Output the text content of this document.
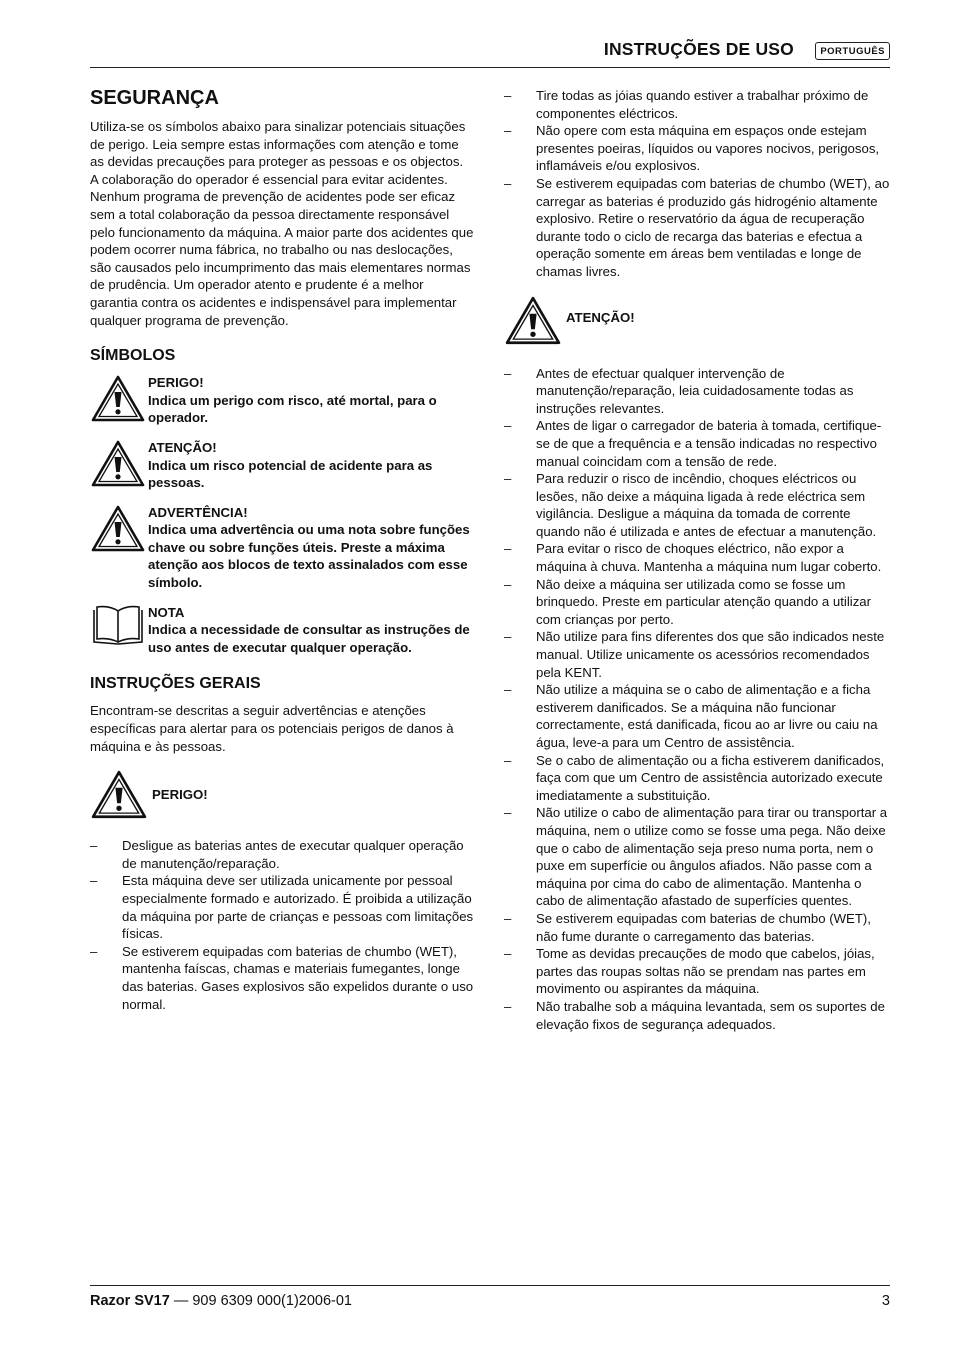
INSTRUÇÕES DE USO	PORTUGUÊS
SEGURANÇA

Utiliza-se os símbolos abaixo para sinalizar potenciais situações de perigo. Leia sempre estas informações com atenção e tome as devidas precauções para proteger as pessoas e os objectos.

A colaboração do operador é essencial para evitar acidentes. Nenhum programa de prevenção de acidentes pode ser eficaz sem a total colaboração da pessoa directamente responsável pelo funcionamento da máquina. A maior parte dos acidentes que podem ocorrer numa fábrica, no trabalho ou nas deslocações, são causados pelo incumprimento das mais elementares normas de prudência. Um operador atento e prudente é a melhor garantia contra os acidentes e indispensável para implementar qualquer programa de prevenção.

SÍMBOLOS
PERIGO!
Indica um perigo com risco, até mortal, para o operador.
ATENÇÃO!
Indica um risco potencial de acidente para as pessoas.
ADVERTÊNCIA!
Indica uma advertência ou uma nota sobre funções chave ou sobre funções úteis. Preste a máxima atenção aos blocos de texto assinalados com esse símbolo.
NOTA
Indica a necessidade de consultar as instruções de uso antes de executar qualquer operação.
INSTRUÇÕES GERAIS

Encontram-se descritas a seguir advertências e atenções específicas para alertar para os potenciais perigos de danos à máquina e às pessoas.

PERIGO!
– Desligue as baterias antes de executar qualquer operação de manutenção/reparação.
– Esta máquina deve ser utilizada unicamente por pessoal especialmente formado e autorizado. É proibida a utilização da máquina por parte de crianças e pessoas com limitações físicas.
– Se estiverem equipadas com baterias de chumbo (WET), mantenha faíscas, chamas e materiais fumegantes, longe das baterias. Gases explosivos são expelidos durante o uso normal.
– Tire todas as jóias quando estiver a trabalhar próximo de componentes eléctricos.
– Não opere com esta máquina em espaços onde estejam presentes poeiras, líquidos ou vapores nocivos, perigosos, inflamáveis e/ou explosivos.
– Se estiverem equipadas com baterias de chumbo (WET), ao carregar as baterias é produzido gás hidrogénio altamente explosivo. Retire o reservatório da água de recuperação durante todo o ciclo de recarga das baterias e efectua a operação somente em áreas bem ventiladas e longe de chamas livres.
ATENÇÃO!
– Antes de efectuar qualquer intervenção de manutenção/reparação, leia cuidadosamente todas as instruções relevantes.
– Antes de ligar o carregador de bateria à tomada, certifique-se de que a frequência e a tensão indicadas no respectivo manual coincidam com a tensão de rede.
– Para reduzir o risco de incêndio, choques eléctricos ou lesões, não deixe a máquina ligada à rede eléctrica sem vigilância. Desligue a máquina da tomada de corrente quando não é utilizada e antes de efectuar a manutenção.
– Para evitar o risco de choques eléctrico, não expor a máquina à chuva. Mantenha a máquina num lugar coberto.
– Não deixe a máquina ser utilizada como se fosse um brinquedo. Preste em particular atenção quando a utilizar com crianças por perto.
– Não utilize para fins diferentes dos que são indicados neste manual. Utilize unicamente os acessórios recomendados pela KENT.
– Não utilize a máquina se o cabo de alimentação e a ficha estiverem danificados. Se a máquina não funcionar correctamente, está danificada, ficou ao ar livre ou caiu na água, leve-a para um Centro de assistência.
– Se o cabo de alimentação ou a ficha estiverem danificados, faça com que um Centro de assistência autorizado execute imediatamente a substituição.
– Não utilize o cabo de alimentação para tirar ou transportar a máquina, nem o utilize como se fosse uma pega. Não deixe que o cabo de alimentação seja preso numa porta, nem o puxe em superfície ou ângulos afiados. Não passe com a máquina por cima do cabo de alimentação. Mantenha o cabo de alimentação afastado de superfícies quentes.
– Se estiverem equipadas com baterias de chumbo (WET), não fume durante o carregamento das baterias.
– Tome as devidas precauções de modo que cabelos, jóias, partes das roupas soltas não se prendam nas partes em movimento ou aspirantes da máquina.
– Não trabalhe sob a máquina levantada, sem os suportes de elevação fixos de segurança adequados.
Razor SV17 — 909 6309 000(1)2006-01	3
